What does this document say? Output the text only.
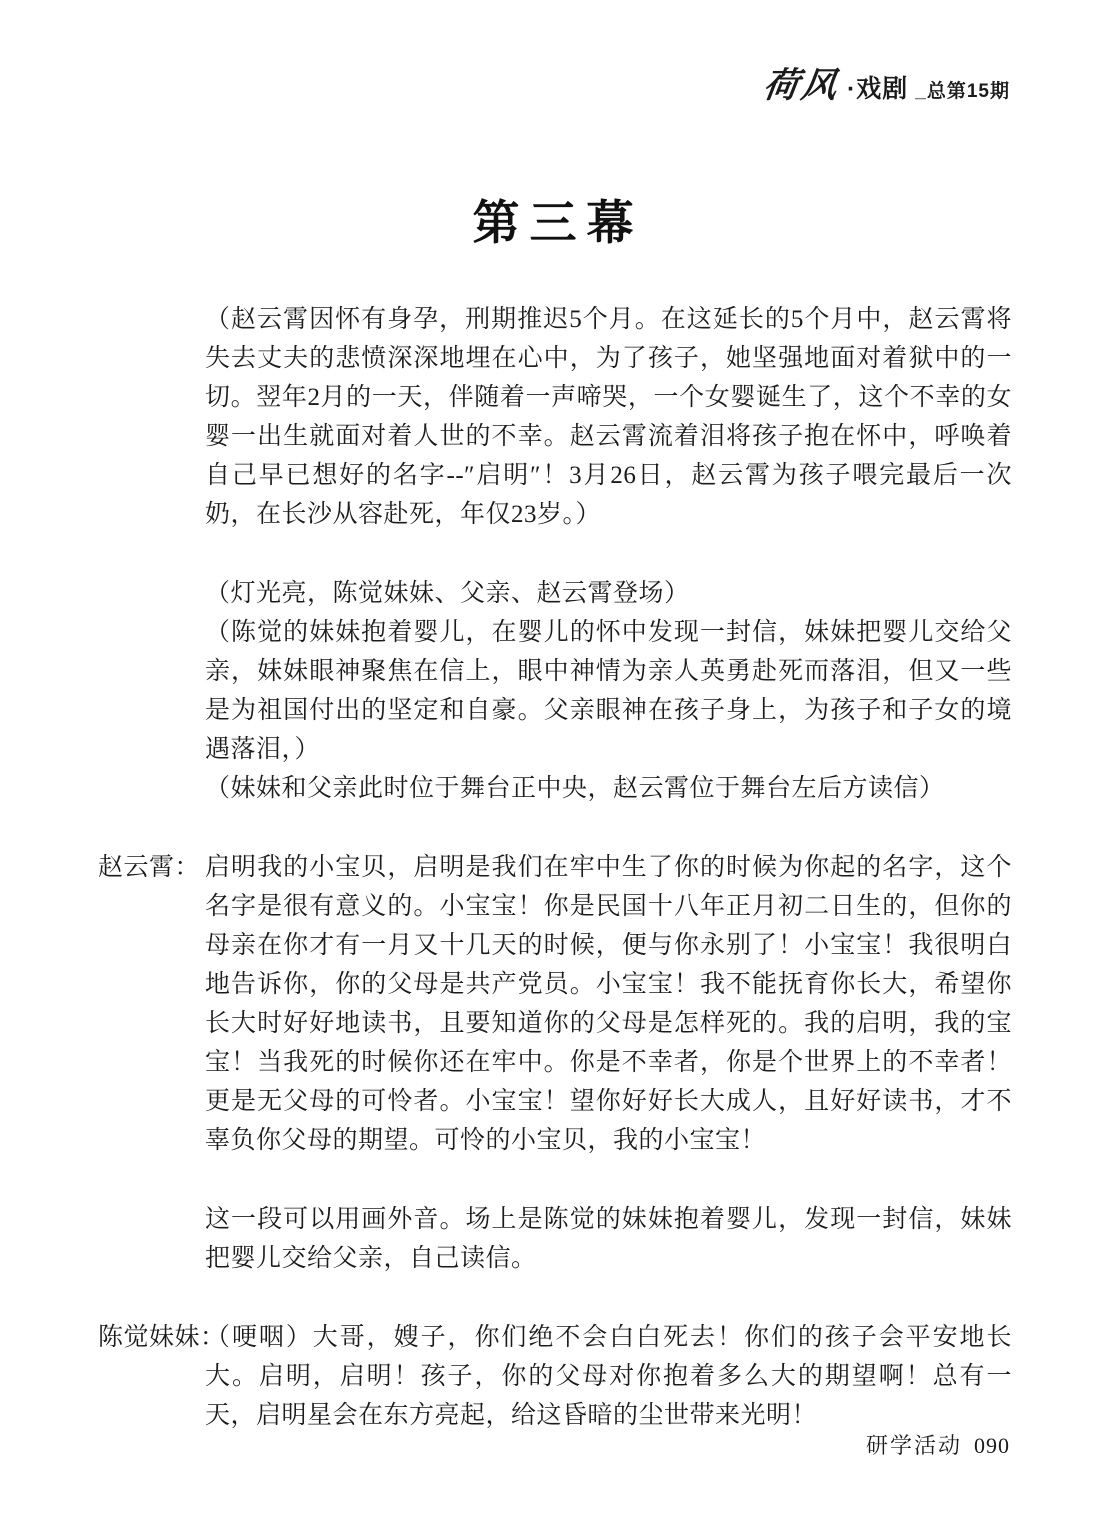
荷风 ·戏剧 _总第15期
第三幕

（赵云霄因怀有身孕，刑期推迟5个月。在这延长的5个月中，赵云霄将失去丈夫的悲愤深深地埋在心中，为了孩子，她坚强地面对着狱中的一切。翌年2月的一天，伴随着一声啼哭，一个女婴诞生了，这个不幸的女婴一出生就面对着人世的不幸。赵云霄流着泪将孩子抱在怀中，呼唤着自己早已想好的名字--″启明″！3月26日，赵云霄为孩子喂完最后一次奶，在长沙从容赴死，年仅23岁。）

（灯光亮，陈觉妹妹、父亲、赵云霄登场）

（陈觉的妹妹抱着婴儿，在婴儿的怀中发现一封信，妹妹把婴儿交给父亲，妹妹眼神聚焦在信上，眼中神情为亲人英勇赴死而落泪，但又一些是为祖国付出的坚定和自豪。父亲眼神在孩子身上，为孩子和子女的境遇落泪，）

（妹妹和父亲此时位于舞台正中央，赵云霄位于舞台左后方读信）

赵云霄： 启明我的小宝贝，启明是我们在牢中生了你的时候为你起的名字，这个名字是很有意义的。小宝宝！你是民国十八年正月初二日生的，但你的母亲在你才有一月又十几天的时候，便与你永别了！小宝宝！我很明白地告诉你，你的父母是共产党员。小宝宝！我不能抚育你长大，希望你长大时好好地读书，且要知道你的父母是怎样死的。我的启明，我的宝宝！当我死的时候你还在牢中。你是不幸者，你是个世界上的不幸者！更是无父母的可怜者。小宝宝！望你好好长大成人，且好好读书，才不辜负你父母的期望。可怜的小宝贝，我的小宝宝！

这一段可以用画外音。场上是陈觉的妹妹抱着婴儿，发现一封信，妹妹把婴儿交给父亲，自己读信。

陈觉妹妹：

（哽咽）大哥，嫂子，你们绝不会白白死去！你们的孩子会平安地长大。启明，启明！孩子，你的父母对你抱着多么大的期望啊！总有一天，启明星会在东方亮起，给这昏暗的尘世带来光明！

研学活动 090
